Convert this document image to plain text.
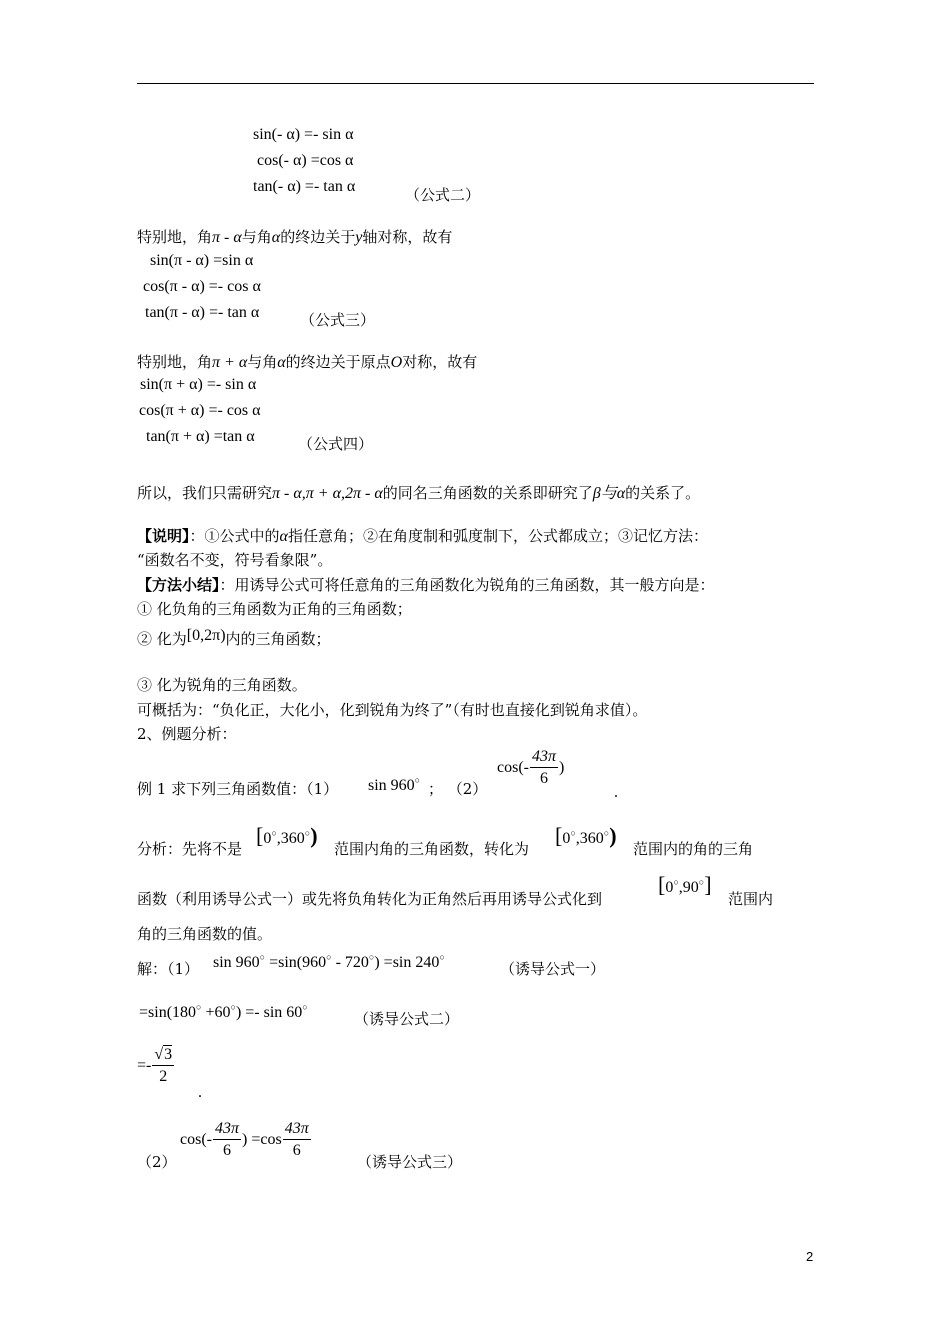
sin(- α) =- sin α
cos(- α) =cos α
tan(- α) =- tan α	（公式二）
特别地，角π - α与角α的终边关于y轴对称，故有
sin(π - α) =sin α
cos(π - α) =- cos α
tan(π - α) =- tan α	（公式三）
特别地，角π + α与角α的终边关于原点O对称，故有
sin(π + α) =- sin α
cos(π + α) =- cos α
tan(π + α) =tan α	（公式四）
所以，我们只需研究π - α,π + α,2π - α的同名三角函数的关系即研究了β与α的关系了。
【说明】：①公式中的α指任意角；②在角度制和弧度制下，公式都成立；③记忆方法：
“函数名不变，符号看象限”。
【方法小结】：用诱导公式可将任意角的三角函数化为锐角的三角函数，其一般方向是：
① 化负角的三角函数为正角的三角函数；
② 化为[0,2π)内的三角函数；
③ 化为锐角的三角函数。
可概括为：“负化正，大化小，化到锐角为终了”（有时也直接化到锐角求值）。
2、例题分析：
例 1 求下列三角函数值：（1） sin 960○ ； （2）
$\cos(- \frac{43\pi}{6}$ )
.
分析：先将不是
[0○,360○)
范围内角的三角函数，转化为
[0○,360○)
范围内的角的三角
函数（利用诱导公式一）或先将负角转化为正角然后再用诱导公式化到
[0○,90○]
范围内
角的三角函数的值。
解：（1） sin 960○ =sin(960○ - 720○) =sin 240○
（诱导公式一）
=sin(180○ +60○) =- sin 60○
（诱导公式二）
=- $\frac{√3}{2}$
.
（2）
$\cos(- \frac{43\pi}{6}$ ) $=\cos \frac{43\pi}{6}$
（诱导公式三）
2
